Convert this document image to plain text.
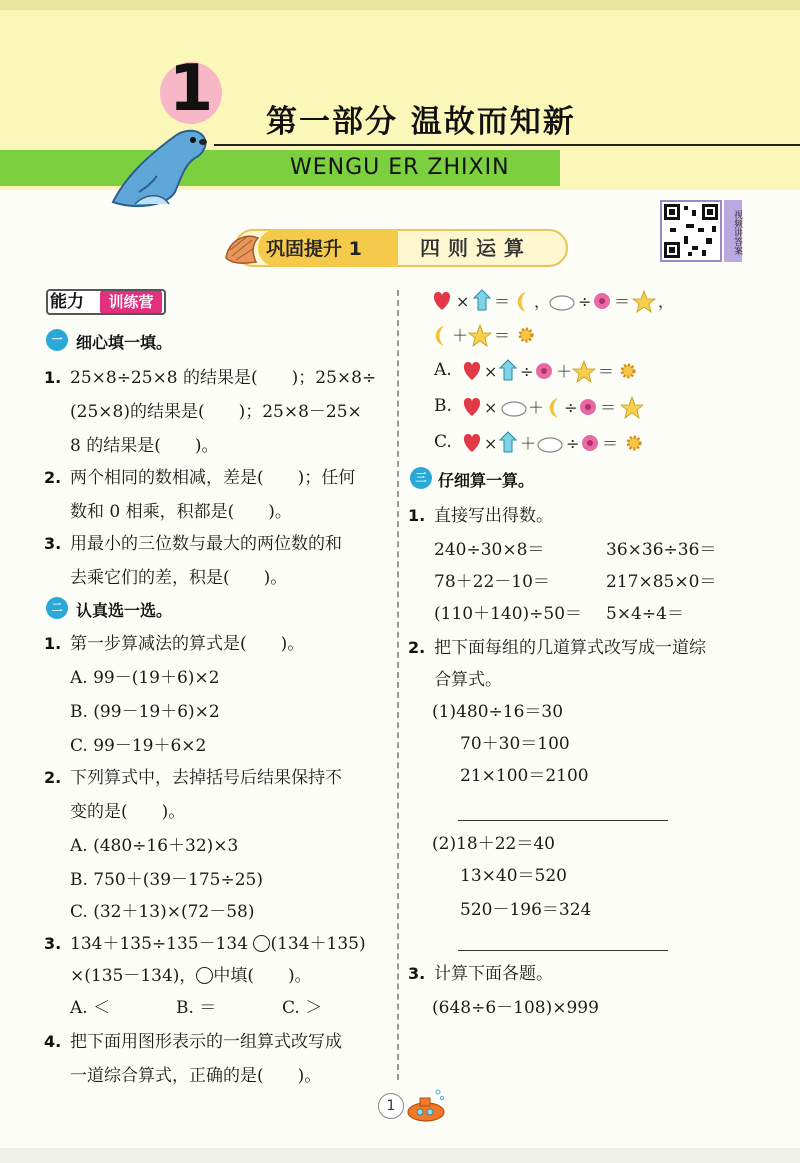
1 第一部分 温故而知新
WENGU ER ZHIXIN
视频讲答案
巩固提升 1	四则运算
能力	训练营
一 细心填一填。
1. 25×8÷25×8 的结果是(　　)；25×8÷
(25×8)的结果是(　　)；25×8－25×
8 的结果是(　　)。
2. 两个相同的数相减，差是(　　)；任何
数和 0 相乘，积都是(　　)。
3. 用最小的三位数与最大的两位数的和
去乘它们的差，积是(　　)。
二 认真选一选。
1. 第一步算减法的算式是(　　)。
A. 99－(19＋6)×2
B. (99－19＋6)×2
C. 99－19＋6×2
2. 下列算式中，去掉括号后结果保持不
变的是(　　)。
A. (480÷16＋32)×3
B. 750＋(39－175÷25)
C. (32＋13)×(72－58)
3. 134＋135÷135－134 (134＋135)
×(135－134)， 中填(　　)。
A. ＜	B. ＝	C. ＞
4. 把下面用图形表示的一组算式改写成
一道综合算式，正确的是(　　)。
× ＝ ， ÷ ＝ ，
＋ ＝
A. × ÷ ＋ ＝
B. × ＋ ÷ ＝
C. × ＋ ÷ ＝
三 仔细算一算。
1. 直接写出得数。
240÷30×8＝	36×36÷36＝
78＋22－10＝	217×85×0＝
(110＋140)÷50＝ 5×4÷4＝
2. 把下面每组的几道算式改写成一道综
合算式。
(1)480÷16＝30
70＋30＝100
21×100＝2100
(2)18＋22＝40
13×40＝520
520－196＝324
3. 计算下面各题。
(648÷6－108)×999
1
